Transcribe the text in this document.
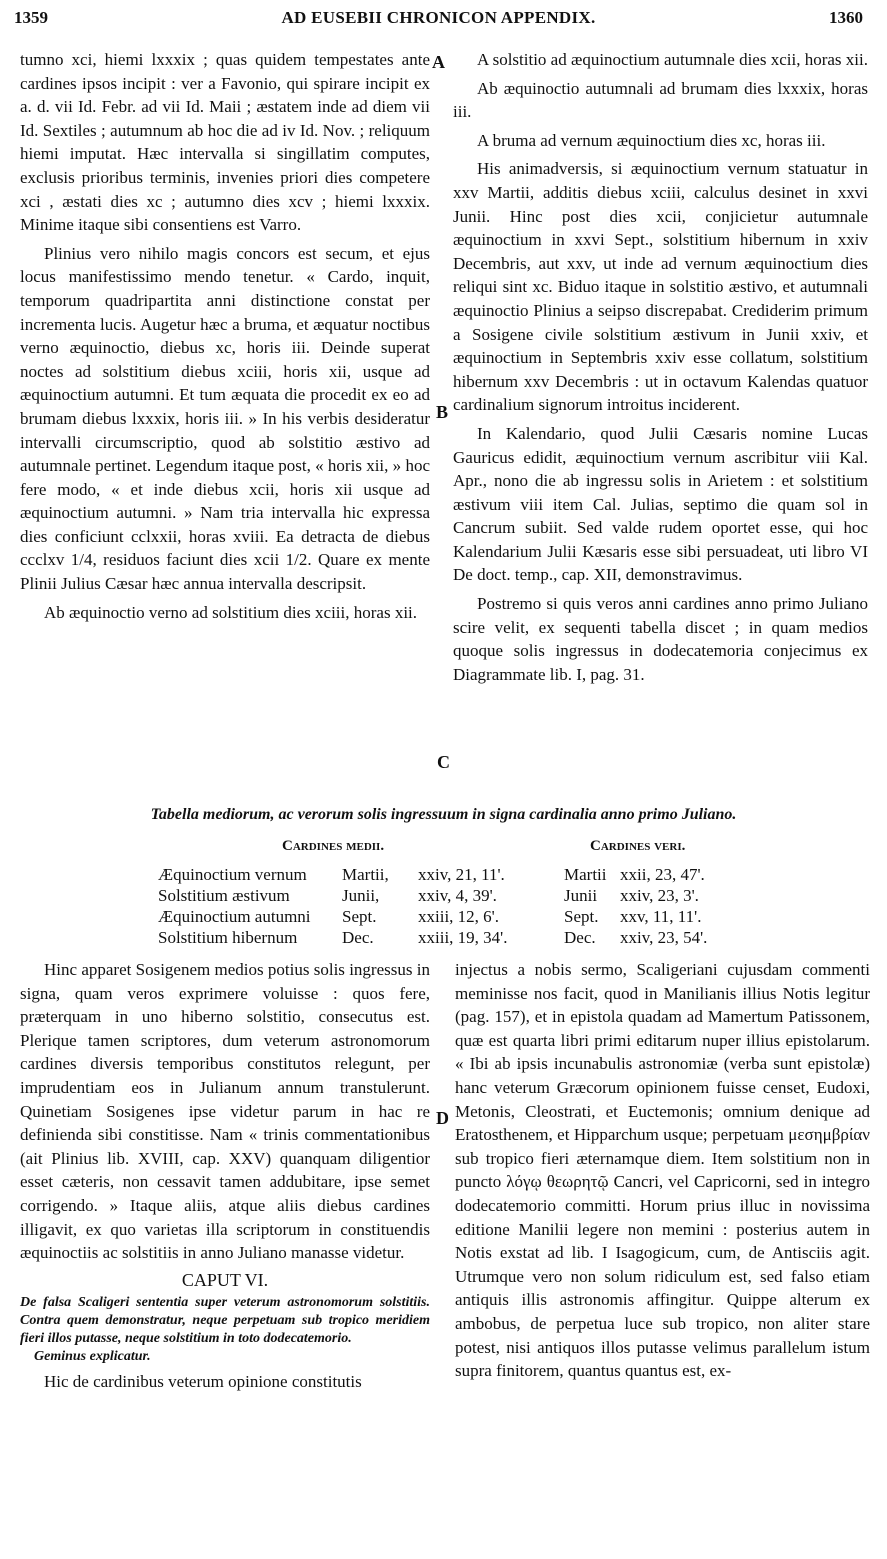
1359	AD EUSEBII CHRONICON APPENDIX.	1360
A
B
C
D

tumno xci, hiemi lxxxix ; quas quidem tempestates ante cardines ipsos incipit : ver a Favonio, qui spirare incipit ex a. d. vii Id. Febr. ad vii Id. Maii ; æstatem inde ad diem vii Id. Sextiles ; autumnum ab hoc die ad iv Id. Nov. ; reliquum hiemi imputat. Hæc intervalla si singillatim computes, exclusis prioribus terminis, invenies priori dies competere xci , æstati dies xc ; autumno dies xcv ; hiemi lxxxix. Minime itaque sibi consentiens est Varro.

Plinius vero nihilo magis concors est secum, et ejus locus manifestissimo mendo tenetur. « Cardo, inquit, temporum quadripartita anni distinctione constat per incrementa lucis. Augetur hæc a bruma, et æquatur noctibus verno æquinoctio, diebus xc, horis iii. Deinde superat noctes ad solstitium diebus xciii, horis xii, usque ad æquinoctium autumni. Et tum æquata die procedit ex eo ad brumam diebus lxxxix, horis iii. » In his verbis desideratur intervalli circumscriptio, quod ab solstitio æstivo ad autumnale pertinet. Legendum itaque post, « horis xii, » hoc fere modo, « et inde diebus xcii, horis xii usque ad æquinoctium autumni. » Nam tria intervalla hic expressa dies conficiunt cclxxii, horas xviii. Ea detracta de diebus ccclxv 1/4, residuos faciunt dies xcii 1/2. Quare ex mente Plinii Julius Cæsar hæc annua intervalla descripsit.

Ab æquinoctio verno ad solstitium dies xciii, horas xii.

A solstitio ad æquinoctium autumnale dies xcii, horas xii.

Ab æquinoctio autumnali ad brumam dies lxxxix, horas iii.

A bruma ad vernum æquinoctium dies xc, horas iii.

His animadversis, si æquinoctium vernum statuatur in xxv Martii, additis diebus xciii, calculus desinet in xxvi Junii. Hinc post dies xcii, conjicietur autumnale æquinoctium in xxvi Sept., solstitium hibernum in xxiv Decembris, aut xxv, ut inde ad vernum æquinoctium dies reliqui sint xc. Biduo itaque in solstitio æstivo, et autumnali æquinoctio Plinius a seipso discrepabat. Crediderim primum a Sosigene civile solstitium æstivum in Junii xxiv, et æquinoctium in Septembris xxiv esse collatum, solstitium hibernum xxv Decembris : ut in octavum Kalendas quatuor cardinalium signorum introitus inciderent.

In Kalendario, quod Julii Cæsaris nomine Lucas Gauricus edidit, æquinoctium vernum ascribitur viii Kal. Apr., nono die ab ingressu solis in Arietem : et solstitium æstivum viii item Cal. Julias, septimo die quam sol in Cancrum subiit. Sed valde rudem oportet esse, qui hoc Kalendarium Julii Kæsaris esse sibi persuadeat, uti libro VI De doct. temp., cap. XII, demonstravimus.

Postremo si quis veros anni cardines anno primo Juliano scire velit, ex sequenti tabella discet ; in quam medios quoque solis ingressus in dodecatemoria conjecimus ex Diagrammate lib. I, pag. 31.

Tabella mediorum, ac verorum solis ingressuum in signa cardinalia anno primo Juliano.
Cardines medii.	Cardines veri.
Æquinoctium vernum	Martii,	xxiv, 21, 11'.	Martii	xxii, 23, 47'.
Solstitium æstivum	Junii,	xxiv, 4, 39'.	Junii	xxiv, 23, 3'.
Æquinoctium autumni	Sept.	xxiii, 12, 6'.	Sept.	xxv, 11, 11'.
Solstitium hibernum	Dec.	xxiii, 19, 34'.	Dec.	xxiv, 23, 54'.

Hinc apparet Sosigenem medios potius solis ingressus in signa, quam veros exprimere voluisse : quos fere, præterquam in uno hiberno solstitio, consecutus est. Plerique tamen scriptores, dum veterum astronomorum cardines diversis temporibus constitutos relegunt, per imprudentiam eos in Julianum annum transtulerunt. Quinetiam Sosigenes ipse videtur parum in hac re definienda sibi constitisse. Nam « trinis commentationibus (ait Plinius lib. XVIII, cap. XXV) quanquam diligentior esset cæteris, non cessavit tamen addubitare, ipse semet corrigendo. » Itaque aliis, atque aliis diebus cardines illigavit, ex quo varietas illa scriptorum in constituendis æquinoctiis ac solstitiis in anno Juliano manasse videtur.

CAPUT VI.
De falsa Scaligeri sententia super veterum astronomorum solstitiis. Contra quem demonstratur, neque perpetuam sub tropico meridiem fieri illos putasse, neque solstitium in toto dodecatemorio.
Geminus explicatur.

Hic de cardinibus veterum opinione constitutis

injectus a nobis sermo, Scaligeriani cujusdam commenti meminisse nos facit, quod in Manilianis illius Notis legitur (pag. 157), et in epistola quadam ad Mamertum Patissonem, quæ est quarta libri primi editarum nuper illius epistolarum. « Ibi ab ipsis incunabulis astronomiæ (verba sunt epistolæ) hanc veterum Græcorum opinionem fuisse censet, Eudoxi, Metonis, Cleostrati, et Euctemonis; omnium denique ad Eratosthenem, et Hipparchum usque; perpetuam μεσημβρίαν sub tropico fieri æternamque diem. Item solstitium non in puncto λόγῳ θεωρητῷ Cancri, vel Capricorni, sed in integro dodecatemorio committi. Horum prius illuc in novissima editione Manilii legere non memini : posterius autem in Notis exstat ad lib. I Isagogicum, cum, de Antisciis agit. Utrumque vero non solum ridiculum est, sed falso etiam antiquis illis astronomis affingitur. Quippe alterum ex ambobus, de perpetua luce sub tropico, non aliter stare potest, nisi antiquos illos putasse velimus parallelum istum supra finitorem, quantus quantus est, ex-
